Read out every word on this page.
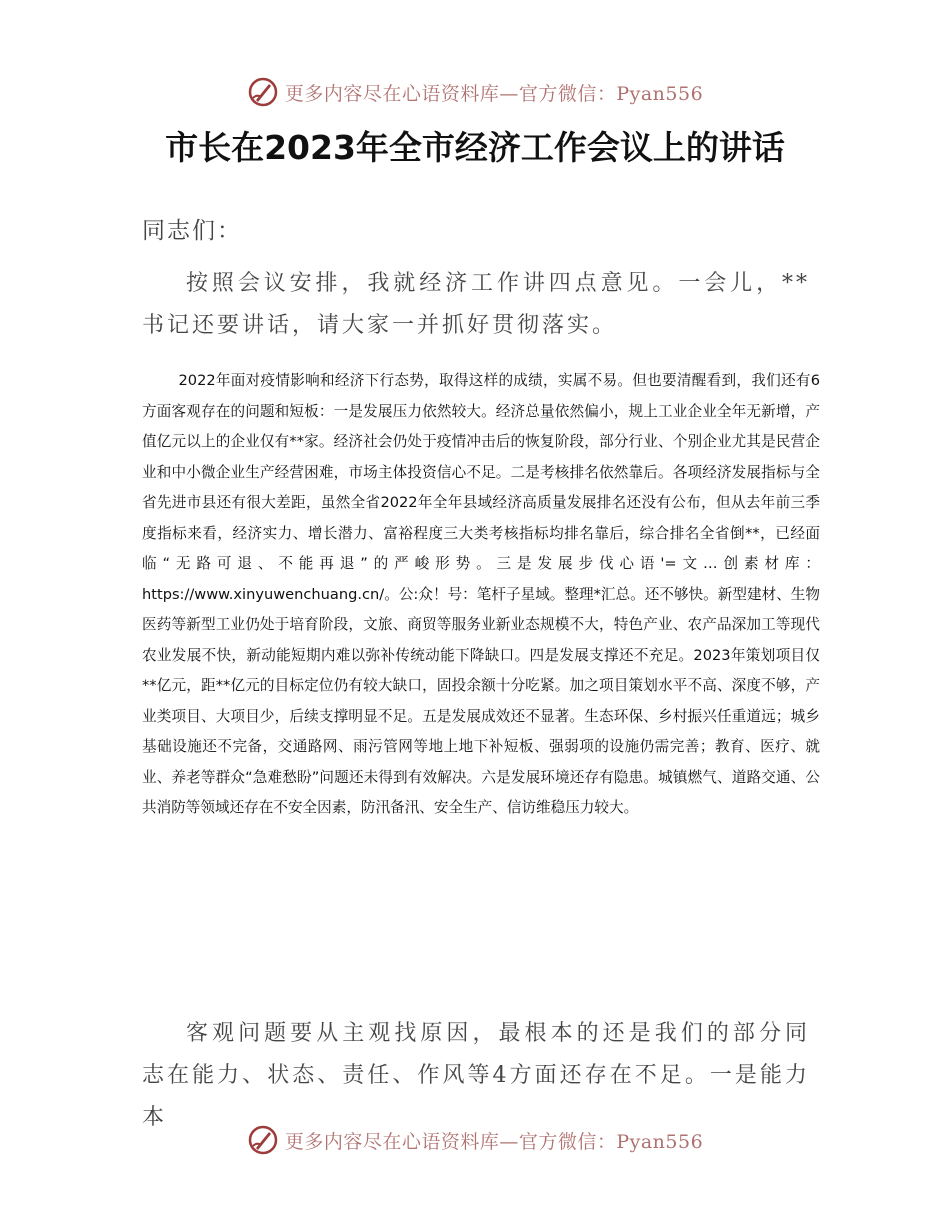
更多内容尽在心语资料库—官方微信：Pyan556
市长在2023年全市经济工作会议上的讲话
同志们：

按照会议安排，我就经济工作讲四点意见。一会儿，**书记还要讲话，请大家一并抓好贯彻落实。

2022年面对疫情影响和经济下行态势，取得这样的成绩，实属不易。但也要清醒看到，我们还有6方面客观存在的问题和短板：一是发展压力依然较大。经济总量依然偏小，规上工业企业全年无新增，产值亿元以上的企业仅有**家。经济社会仍处于疫情冲击后的恢复阶段，部分行业、个别企业尤其是民营企业和中小微企业生产经营困难，市场主体投资信心不足。二是考核排名依然靠后。各项经济发展指标与全省先进市县还有很大差距，虽然全省2022年全年县域经济高质量发展排名还没有公布，但从去年前三季度指标来看，经济实力、增长潜力、富裕程度三大类考核指标均排名靠后，综合排名全省倒**，已经面临“无路可退、不能再退”的严峻形势。三是发展步伐心语'=文…创素材库：https://www.xinyuwenchuang.cn/。公:众！号：笔杆子星域。整理*汇总。还不够快。新型建材、生物医药等新型工业仍处于培育阶段，文旅、商贸等服务业新业态规模不大，特色产业、农产品深加工等现代农业发展不快，新动能短期内难以弥补传统动能下降缺口。四是发展支撑还不充足。2023年策划项目仅**亿元，距**亿元的目标定位仍有较大缺口，固投余额十分吃紧。加之项目策划水平不高、深度不够，产业类项目、大项目少，后续支撑明显不足。五是发展成效还不显著。生态环保、乡村振兴任重道远；城乡基础设施还不完备，交通路网、雨污管网等地上地下补短板、强弱项的设施仍需完善；教育、医疗、就业、养老等群众“急难愁盼”问题还未得到有效解决。六是发展环境还存有隐患。城镇燃气、道路交通、公共消防等领域还存在不安全因素，防汛备汛、安全生产、信访维稳压力较大。

客观问题要从主观找原因，最根本的还是我们的部分同志在能力、状态、责任、作风等4方面还存在不足。一是能力本

更多内容尽在心语资料库—官方微信：Pyan556
